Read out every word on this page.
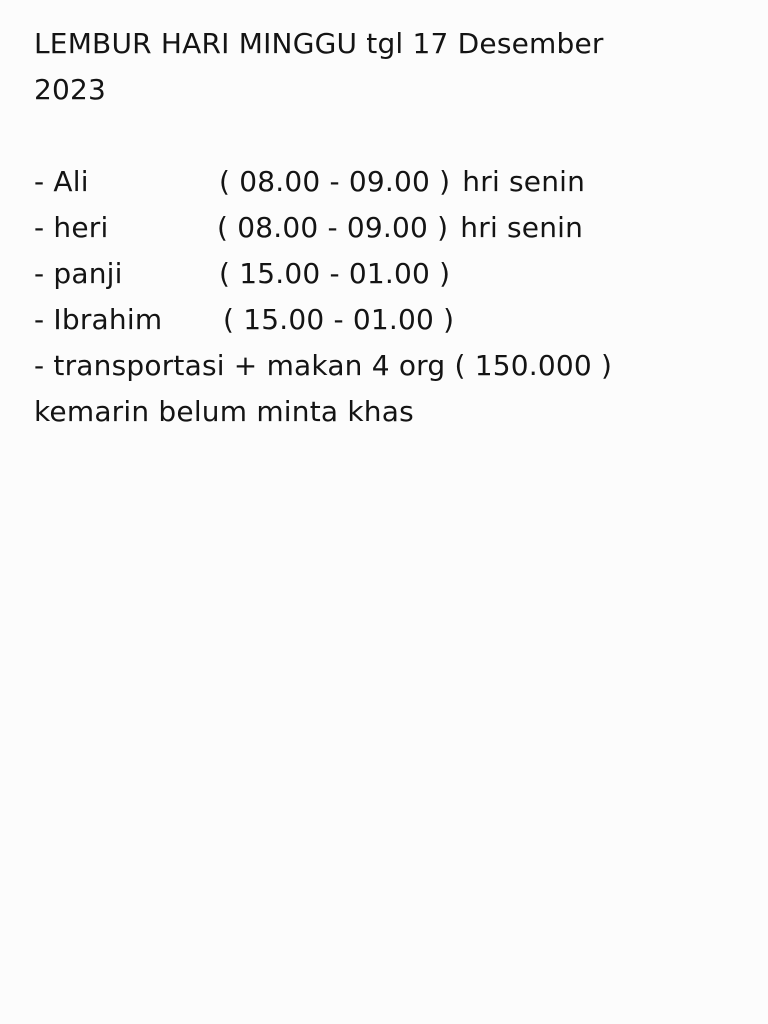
LEMBUR HARI MINGGU tgl 17 Desember

2023

- Ali	( 08.00 - 09.00 ) hri senin
- heri	( 08.00 - 09.00 ) hri senin
- panji	( 15.00 - 01.00 )
- Ibrahim	( 15.00 - 01.00 )
- transportasi + makan 4 org ( 150.000 )
kemarin belum minta khas
